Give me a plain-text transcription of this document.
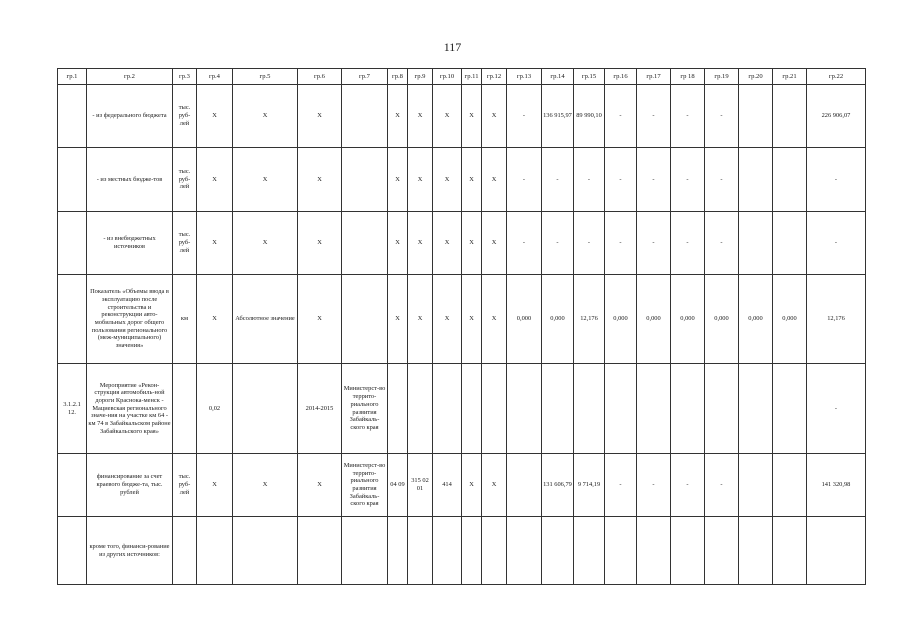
117
гр.1	гр.2	гр.3	гр.4	гр.5	гр.6	гр.7	гр.8	гр.9	гр.10	гр.11	гр.12	гр.13	гр.14	гр.15	гр.16	гр.17	гр 18	гр.19	гр.20	гр.21	гр.22
	- из федерального бюджета	тыс. руб-лей	X	X	X		X	X	X	X	X	-	136 915,97	89 990,10	-	-	-	-			226 906,07
	- из местных бюдже-тов	тыс. руб-лей	X	X	X		X	X	X	X	X	-	-	-	-	-	-	-			-
	- из внебюджетных источников	тыс. руб-лей	X	X	X		X	X	X	X	X	-	-	-	-	-	-	-			-
	Показатель «Объемы ввода в эксплуатацию после строительства и реконструкции авто-мобильных дорог общего пользования регионального (меж-муниципального) значения»	км	X	Абсолютное значение	X		X	X	X	X	X	0,000	0,000	12,176	0,000	0,000	0,000	0,000	0,000	0,000	12,176
3.1.2.1 12.	Мероприятие «Рекон-струкция автомобиль-ной дороги Краснока-менск - Мациевская регионального значе-ния на участке км 64 - км 74 в Забайкальском районе Забайкальского края»		0,02		2014-2015	Министерст-во террито-риального развития Забайкаль-ского края															-
	финансирование за счет краевого бюдже-та, тыс. рублей	тыс. руб-лей	X	X	X	Министерст-во террито-риального развития Забайкаль-ского края	04 09	315 02 01	414	X	X		131 606,79	9 714,19	-	-	-	-			141 320,98
	кроме того, финанси-рование из других источников:																				
